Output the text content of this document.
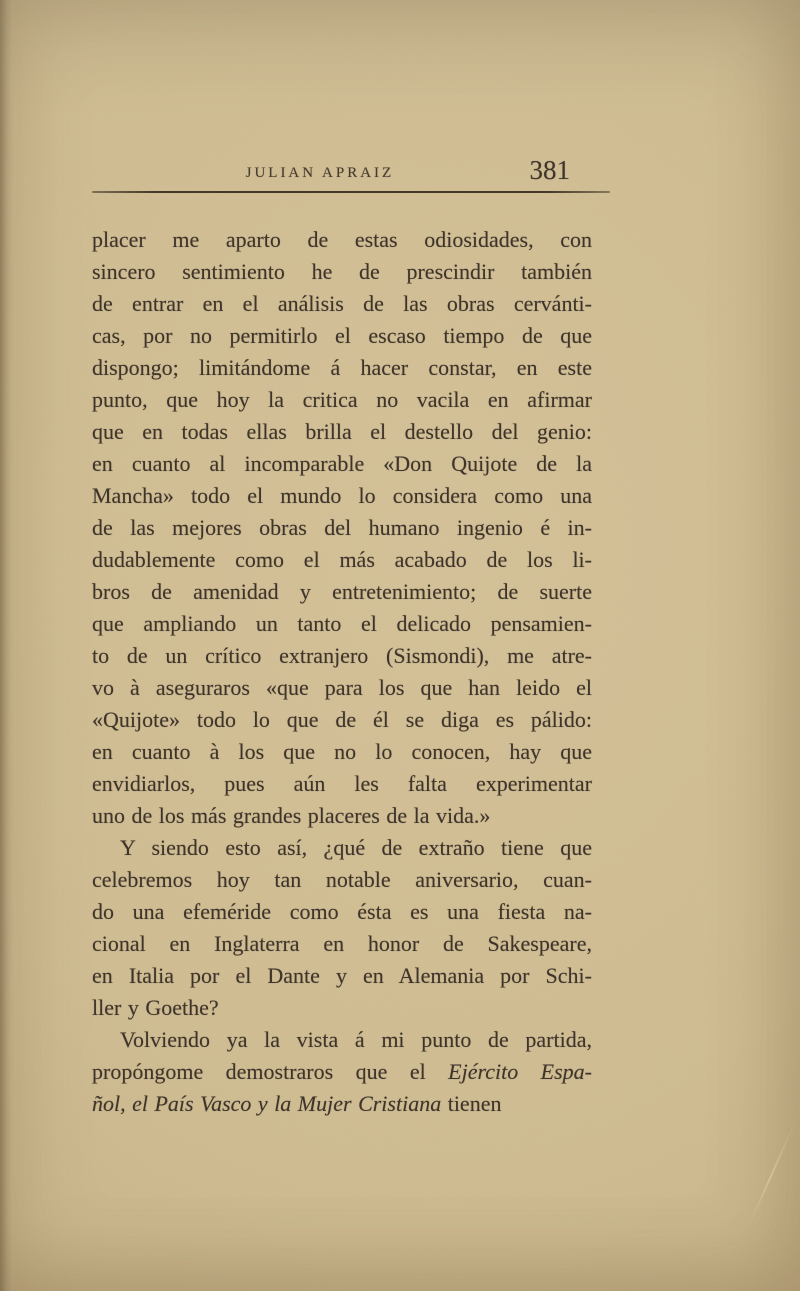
JULIAN APRAIZ	381
placer me aparto de estas odiosidades, con
sincero sentimiento he de prescindir también
de entrar en el análisis de las obras cervánti-
cas, por no permitirlo el escaso tiempo de que
dispongo; limitándome á hacer constar, en este
punto, que hoy la critica no vacila en afirmar
que en todas ellas brilla el destello del genio:
en cuanto al incomparable «Don Quijote de la
Mancha» todo el mundo lo considera como una
de las mejores obras del humano ingenio é in-
dudablemente como el más acabado de los li-
bros de amenidad y entretenimiento; de suerte
que ampliando un tanto el delicado pensamien-
to de un crítico extranjero (Sismondi), me atre-
vo à aseguraros «que para los que han leido el
«Quijote» todo lo que de él se diga es pálido:
en cuanto à los que no lo conocen, hay que
envidiarlos, pues aún les falta experimentar
uno de los más grandes placeres de la vida.»
Y siendo esto así, ¿qué de extraño tiene que
celebremos hoy tan notable aniversario, cuan-
do una efeméride como ésta es una fiesta na-
cional en Inglaterra en honor de Sakespeare,
en Italia por el Dante y en Alemania por Schi-
ller y Goethe?
Volviendo ya la vista á mi punto de partida,
propóngome demostraros que el Ejército Espa-
ñol, el País Vasco y la Mujer Cristiana tienen
